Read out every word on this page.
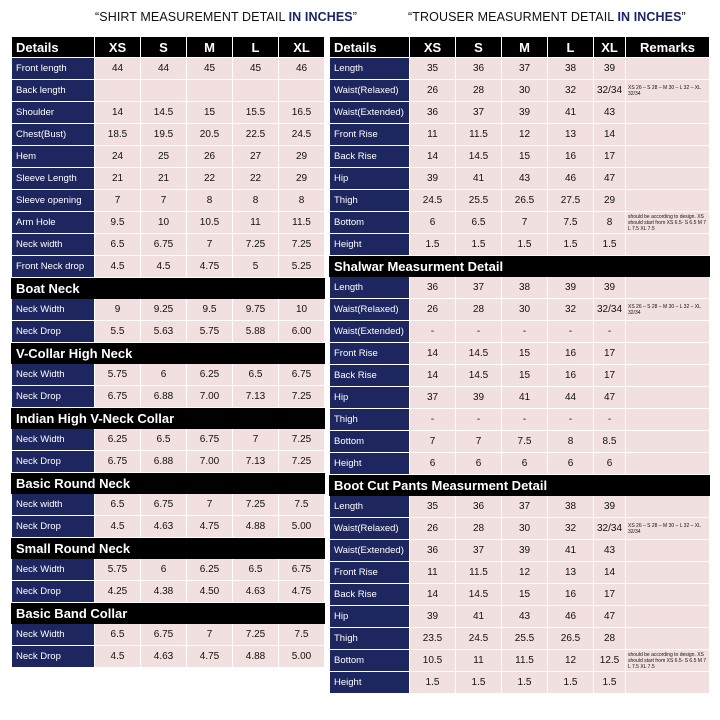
“SHIRT MEASUREMENT DETAIL IN INCHES”	“TROUSER MEASURMENT DETAIL IN INCHES”
Details	XS	S	M	L	XL
Front length	44	44	45	45	46
Back length					
Shoulder	14	14.5	15	15.5	16.5
Chest(Bust)	18.5	19.5	20.5	22.5	24.5
Hem	24	25	26	27	29
Sleeve Length	21	21	22	22	29
Sleeve opening	7	7	8	8	8
Arm Hole	9.5	10	10.5	11	11.5
Neck width	6.5	6.75	7	7.25	7.25
Front Neck drop	4.5	4.5	4.75	5	5.25
Boat Neck					
Neck Width	9	9.25	9.5	9.75	10
Neck Drop	5.5	5.63	5.75	5.88	6.00
V-Collar High Neck					
Neck Width	5.75	6	6.25	6.5	6.75
Neck Drop	6.75	6.88	7.00	7.13	7.25
Indian High V-Neck Collar					
Neck Width	6.25	6.5	6.75	7	7.25
Neck Drop	6.75	6.88	7.00	7.13	7.25
Basic Round Neck					
Neck width	6.5	6.75	7	7.25	7.5
Neck Drop	4.5	4.63	4.75	4.88	5.00
Small Round Neck					
Neck Width	5.75	6	6.25	6.5	6.75
Neck Drop	4.25	4.38	4.50	4.63	4.75
Basic Band Collar					
Neck Width	6.5	6.75	7	7.25	7.5
Neck Drop	4.5	4.63	4.75	4.88	5.00
Details	XS	S	M	L	XL	Remarks
Length	35	36	37	38	39	
Waist(Relaxed)	26	28	30	32	32/34	XS 26 – S 28 – M 30 – L 32 – XL 32/34
Waist(Extended)	36	37	39	41	43	
Front Rise	11	11.5	12	13	14	
Back Rise	14	14.5	15	16	17	
Hip	39	41	43	46	47	
Thigh	24.5	25.5	26.5	27.5	29	
Bottom	6	6.5	7	7.5	8	should be according to design. XS should start from XS 6.5- S 6.5 M 7 L 7.5 XL 7.5
Height	1.5	1.5	1.5	1.5	1.5	
Shalwar Measurment Detail						
Length	36	37	38	39	39	
Waist(Relaxed)	26	28	30	32	32/34	XS 26 – S 28 – M 30 – L 32 – XL 32/34
Waist(Extended)	-	-	-	-	-	
Front Rise	14	14.5	15	16	17	
Back Rise	14	14.5	15	16	17	
Hip	37	39	41	44	47	
Thigh	-	-	-	-	-	
Bottom	7	7	7.5	8	8.5	
Height	6	6	6	6	6	
Boot Cut Pants Measurment Detail						
Length	35	36	37	38	39	
Waist(Relaxed)	26	28	30	32	32/34	XS 26 – S 28 – M 30 – L 32 – XL 32/34
Waist(Extended)	36	37	39	41	43	
Front Rise	11	11.5	12	13	14	
Back Rise	14	14.5	15	16	17	
Hip	39	41	43	46	47	
Thigh	23.5	24.5	25.5	26.5	28	
Bottom	10.5	11	11.5	12	12.5	should be according to design. XS should start from XS 6.5- S 6.5 M 7 L 7.5 XL 7.5
Height	1.5	1.5	1.5	1.5	1.5	
